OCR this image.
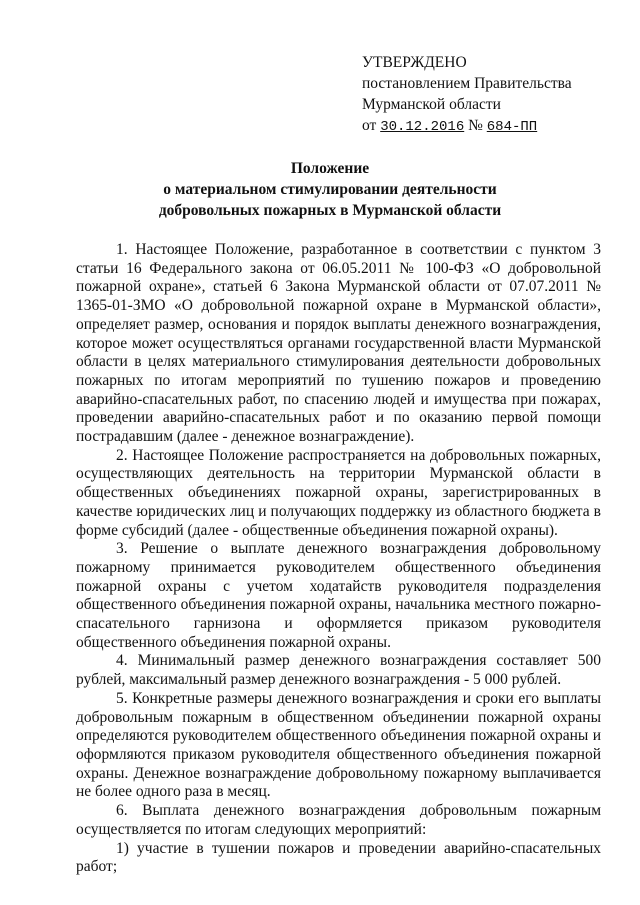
УТВЕРЖДЕНО
постановлением Правительства
Мурманской области
от 30.12.2016 № 684-ПП
Положение
о материальном стимулировании деятельности
добровольных пожарных в Мурманской области

1. Настоящее Положение, разработанное в соответствии с пунктом 3 статьи 16 Федерального закона от 06.05.2011 № 100-ФЗ «О добровольной пожарной охране», статьей 6 Закона Мурманской области от 07.07.2011 № 1365-01-ЗМО «О добровольной пожарной охране в Мурманской области», определяет размер, основания и порядок выплаты денежного вознаграждения, которое может осуществляться органами государственной власти Мурманской области в целях материального стимулирования деятельности добровольных пожарных по итогам мероприятий по тушению пожаров и проведению аварийно-спасательных работ, по спасению людей и имущества при пожарах, проведении аварийно-спасательных работ и по оказанию первой помощи пострадавшим (далее - денежное вознаграждение).

2. Настоящее Положение распространяется на добровольных пожарных, осуществляющих деятельность на территории Мурманской области в общественных объединениях пожарной охраны, зарегистрированных в качестве юридических лиц и получающих поддержку из областного бюджета в форме субсидий (далее - общественные объединения пожарной охраны).

3. Решение о выплате денежного вознаграждения добровольному пожарному принимается руководителем общественного объединения пожарной охраны с учетом ходатайств руководителя подразделения общественного объединения пожарной охраны, начальника местного пожарно-спасательного гарнизона и оформляется приказом руководителя общественного объединения пожарной охраны.

4. Минимальный размер денежного вознаграждения составляет 500 рублей, максимальный размер денежного вознаграждения - 5 000 рублей.

5. Конкретные размеры денежного вознаграждения и сроки его выплаты добровольным пожарным в общественном объединении пожарной охраны определяются руководителем общественного объединения пожарной охраны и оформляются приказом руководителя общественного объединения пожарной охраны. Денежное вознаграждение добровольному пожарному выплачивается не более одного раза в месяц.

6. Выплата денежного вознаграждения добровольным пожарным осуществляется по итогам следующих мероприятий:

1) участие в тушении пожаров и проведении аварийно-спасательных работ;
